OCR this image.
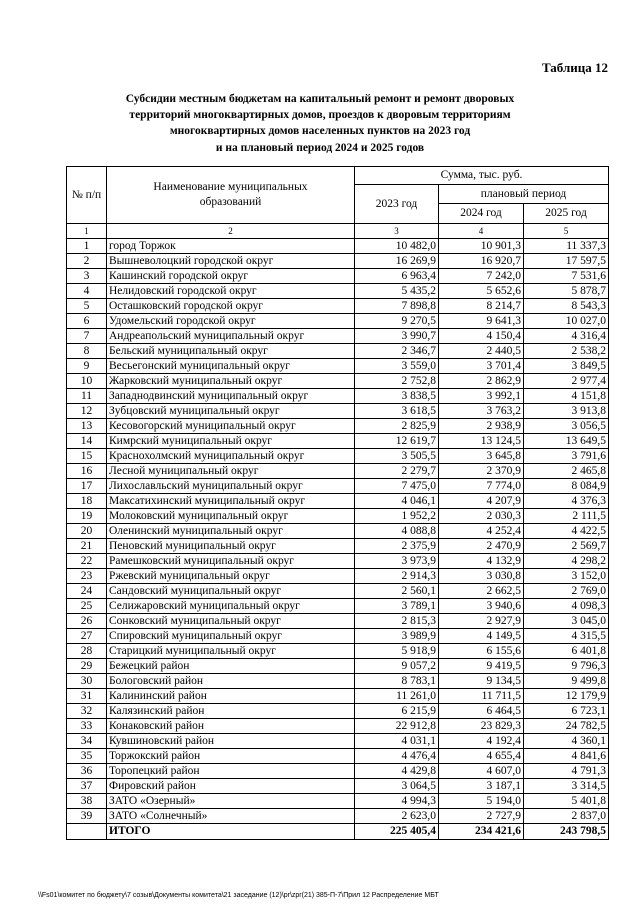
Таблица 12
Субсидии местным бюджетам на капитальный ремонт и ремонт дворовых
территорий многоквартирных домов, проездов к дворовым территориям
многоквартирных домов населенных пунктов на 2023 год
и на плановый период 2024 и 2025 годов
№ п/п	Наименование муниципальных образований	Сумма, тыс. руб.		
		2023 год	плановый период	
			2024 год	2025 год
1	2	3	4	5
1	город Торжок	10 482,0	10 901,3	11 337,3
2	Вышневолоцкий городской округ	16 269,9	16 920,7	17 597,5
3	Кашинский городской округ	6 963,4	7 242,0	7 531,6
4	Нелидовский городской округ	5 435,2	5 652,6	5 878,7
5	Осташковский городской округ	7 898,8	8 214,7	8 543,3
6	Удомельский городской округ	9 270,5	9 641,3	10 027,0
7	Андреапольский муниципальный округ	3 990,7	4 150,4	4 316,4
8	Бельский муниципальный округ	2 346,7	2 440,5	2 538,2
9	Весьегонский муниципальный округ	3 559,0	3 701,4	3 849,5
10	Жарковский муниципальный округ	2 752,8	2 862,9	2 977,4
11	Западнодвинский муниципальный округ	3 838,5	3 992,1	4 151,8
12	Зубцовский муниципальный округ	3 618,5	3 763,2	3 913,8
13	Кесовогорский муниципальный округ	2 825,9	2 938,9	3 056,5
14	Кимрский муниципальный округ	12 619,7	13 124,5	13 649,5
15	Краснохолмский муниципальный округ	3 505,5	3 645,8	3 791,6
16	Лесной муниципальный округ	2 279,7	2 370,9	2 465,8
17	Лихославльский муниципальный округ	7 475,0	7 774,0	8 084,9
18	Максатихинский муниципальный округ	4 046,1	4 207,9	4 376,3
19	Молоковский муниципальный округ	1 952,2	2 030,3	2 111,5
20	Оленинский муниципальный округ	4 088,8	4 252,4	4 422,5
21	Пеновский муниципальный округ	2 375,9	2 470,9	2 569,7
22	Рамешковский муниципальный округ	3 973,9	4 132,9	4 298,2
23	Ржевский муниципальный округ	2 914,3	3 030,8	3 152,0
24	Сандовский муниципальный округ	2 560,1	2 662,5	2 769,0
25	Селижаровский муниципальный округ	3 789,1	3 940,6	4 098,3
26	Сонковский муниципальный округ	2 815,3	2 927,9	3 045,0
27	Спировский муниципальный округ	3 989,9	4 149,5	4 315,5
28	Старицкий муниципальный округ	5 918,9	6 155,6	6 401,8
29	Бежецкий район	9 057,2	9 419,5	9 796,3
30	Бологовский район	8 783,1	9 134,5	9 499,8
31	Калининский район	11 261,0	11 711,5	12 179,9
32	Калязинский район	6 215,9	6 464,5	6 723,1
33	Конаковский район	22 912,8	23 829,3	24 782,5
34	Кувшиновский район	4 031,1	4 192,4	4 360,1
35	Торжокский район	4 476,4	4 655,4	4 841,6
36	Торопецкий район	4 429,8	4 607,0	4 791,3
37	Фировский район	3 064,5	3 187,1	3 314,5
38	ЗАТО «Озерный»	4 994,3	5 194,0	5 401,8
39	ЗАТО «Солнечный»	2 623,0	2 727,9	2 837,0
	ИТОГО	225 405,4	234 421,6	243 798,5
\\Fs01\комитет по бюджету\7 созыв\Документы комитета\21 заседание (12)\pr\zpr(21) 385-П-7\Прил 12 Распределение МБТ
